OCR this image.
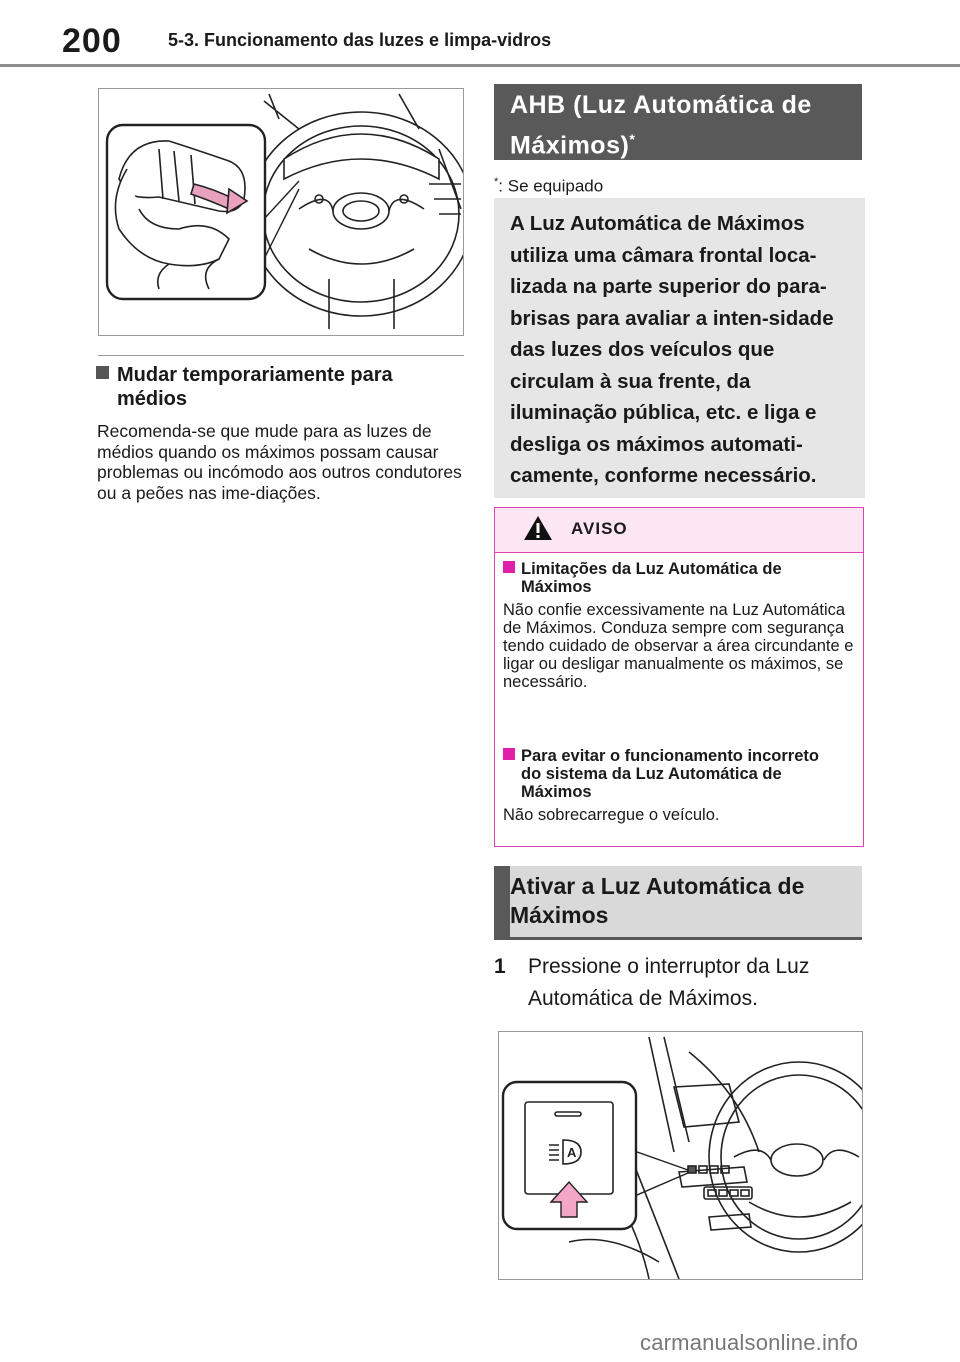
200	5-3. Funcionamento das luzes e limpa-vidros
Mudar temporariamente para médios
Recomenda-se que mude para as luzes de médios quando os máximos possam causar problemas ou incómodo aos outros condutores ou a peões nas ime-diações.
AHB (Luz Automática de Máximos)*
*: Se equipado
A Luz Automática de Máximos utiliza uma câmara frontal loca-lizada na parte superior do para-brisas para avaliar a inten-sidade das luzes dos veículos que circulam à sua frente, da iluminação pública, etc. e liga e desliga os máximos automati-camente, conforme necessário.
AVISO
Limitações da Luz Automática de Máximos
Não confie excessivamente na Luz Automática de Máximos. Conduza sempre com segurança tendo cuidado de observar a área circundante e ligar ou desligar manualmente os máximos, se necessário.
Para evitar o funcionamento incorreto do sistema da Luz Automática de Máximos
Não sobrecarregue o veículo.
Ativar a Luz Automática de Máximos
1 Pressione o interruptor da Luz Automática de Máximos.
A
carmanualsonline.info
